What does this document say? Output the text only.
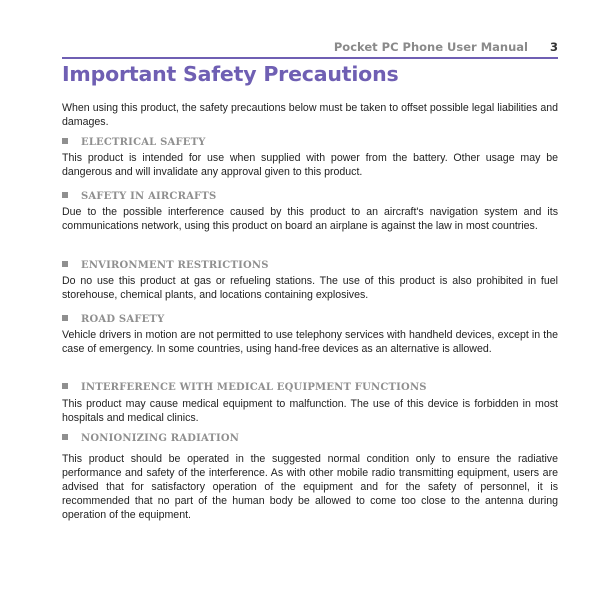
Pocket PC Phone User Manual 3
Important Safety Precautions

When using this product, the safety precautions below must be taken to offset possible legal liabilities and damages.

ELECTRICAL SAFETY

This product is intended for use when supplied with power from the battery. Other usage may be dangerous and will invalidate any approval given to this product.

SAFETY IN AIRCRAFTS

Due to the possible interference caused by this product to an aircraft's navigation system and its communications network, using this product on board an airplane is against the law in most countries.

ENVIRONMENT RESTRICTIONS

Do no use this product at gas or refueling stations. The use of this product is also prohibited in fuel storehouse, chemical plants, and locations containing explosives.

ROAD SAFETY

Vehicle drivers in motion are not permitted to use telephony services with handheld devices, except in the case of emergency. In some countries, using hand-free devices as an alternative is allowed.

INTERFERENCE WITH MEDICAL EQUIPMENT FUNCTIONS

This product may cause medical equipment to malfunction. The use of this device is forbidden in most hospitals and medical clinics.

NONIONIZING RADIATION

This product should be operated in the suggested normal condition only to ensure the radiative performance and safety of the interference. As with other mobile radio transmitting equipment, users are advised that for satisfactory operation of the equipment and for the safety of personnel, it is recommended that no part of the human body be allowed to come too close to the antenna during operation of the equipment.
